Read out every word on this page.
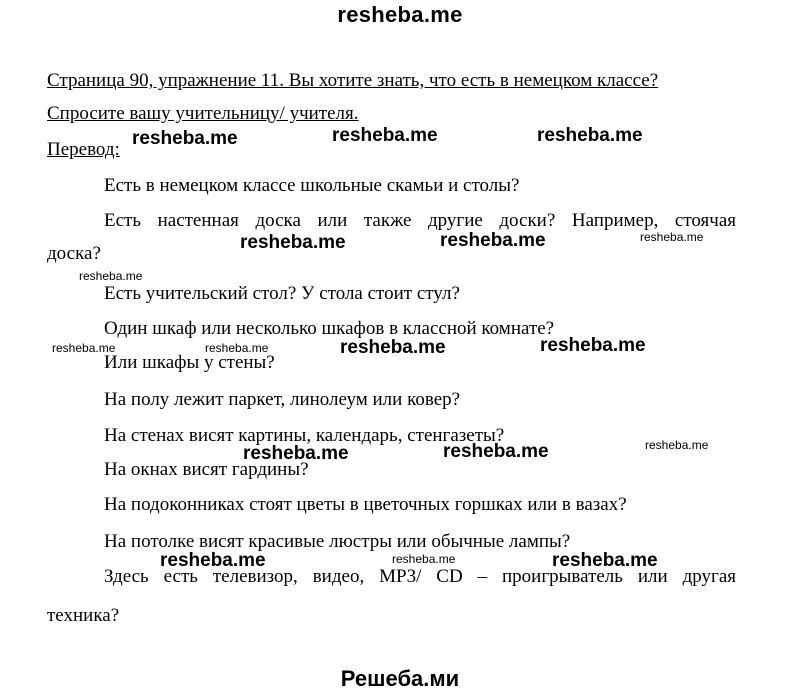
resheba.me
Страница 90, упражнение 11. Вы хотите знать, что есть в немецком классе?
Спросите вашу учительницу/ учителя.
Перевод:
Есть в немецком классе школьные скамьи и столы?
Есть настенная доска или также другие доски? Например, стоячая
доска?
Есть учительский стол? У стола стоит стул?
Один шкаф или несколько шкафов в классной комнате?
Или шкафы у стены?
На полу лежит паркет, линолеум или ковер?
На стенах висят картины, календарь, стенгазеты?
На окнах висят гардины?
На подоконниках стоят цветы в цветочных горшках или в вазах?
На потолке висят красивые люстры или обычные лампы?
Здесь есть телевизор, видео, MP3/ CD – проигрыватель или другая
техника?
resheba.me	resheba.me	resheba.me
resheba.me	resheba.me
resheba.me	resheba.me
resheba.me	resheba.me
resheba.me	resheba.me
resheba.me
resheba.me
resheba.me	resheba.me
resheba.me
resheba.me
Решеба.ми
